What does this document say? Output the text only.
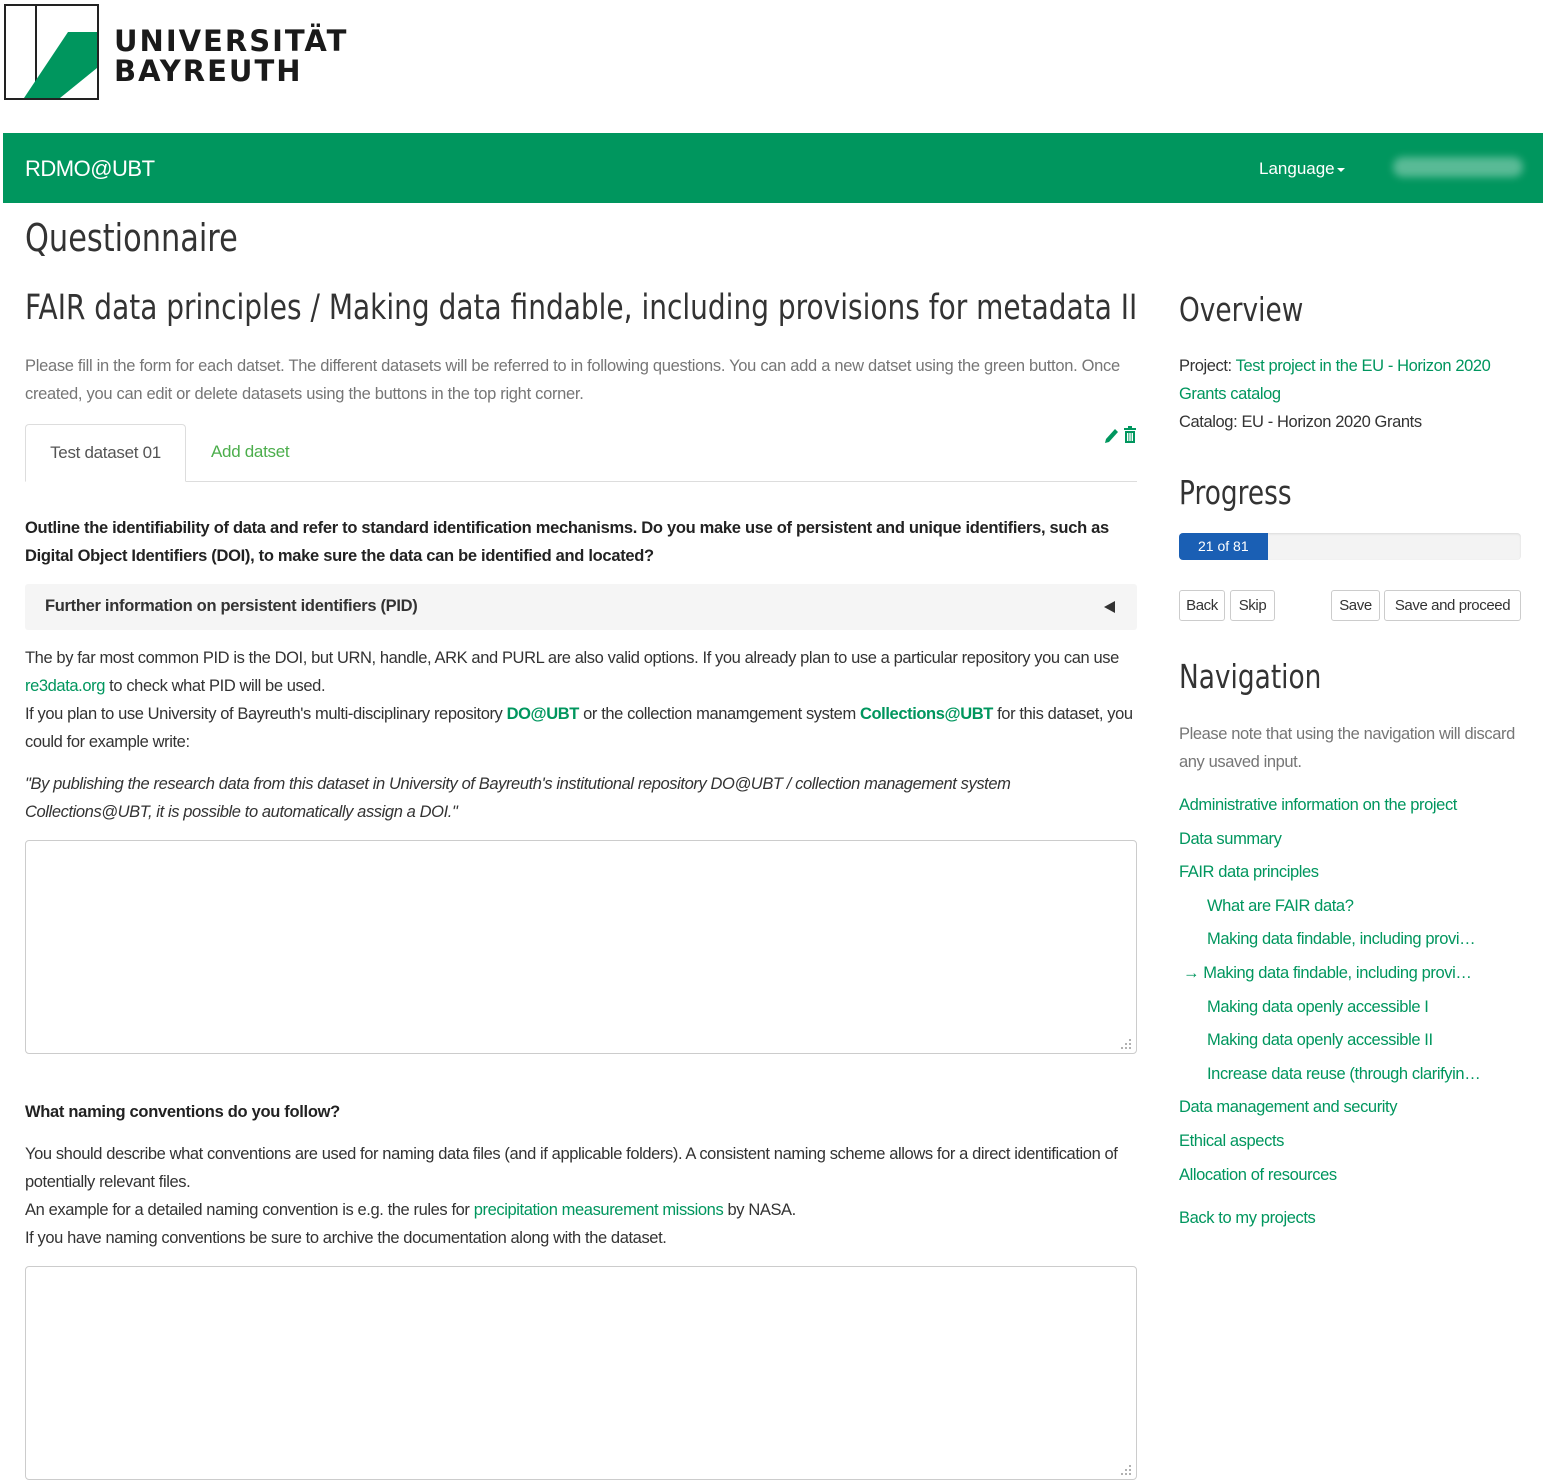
UNIVERSITÄT
BAYREUTH
RDMO@UBT	Language
Questionnaire
FAIR data principles / Making data findable, including provisions for metadata II

Please fill in the form for each datset. The different datasets will be referred to in following questions. You can add a new datset using the green button. Once created, you can edit or delete datasets using the buttons in the top right corner.

Test dataset 01	Add datset

Outline the identifiability of data and refer to standard identification mechanisms. Do you make use of persistent and unique identifiers, such as Digital Object Identifiers (DOI), to make sure the data can be identified and located?

Further information on persistent identifiers (PID)

The by far most common PID is the DOI, but URN, handle, ARK and PURL are also valid options. If you already plan to use a particular repository you can use re3data.org to check what PID will be used.
If you plan to use University of Bayreuth's multi-disciplinary repository DO@UBT or the collection manamgement system Collections@UBT for this dataset, you could for example write:

"By publishing the research data from this dataset in University of Bayreuth's institutional repository DO@UBT / collection management system Collections@UBT, it is possible to automatically assign a DOI."

What naming conventions do you follow?

You should describe what conventions are used for naming data files (and if applicable folders). A consistent naming scheme allows for a direct identification of potentially relevant files.
An example for a detailed naming convention is e.g. the rules for precipitation measurement missions by NASA.
If you have naming conventions be sure to archive the documentation along with the dataset.

Overview
Project: Test project in the EU - Horizon 2020 Grants catalog
Catalog: EU - Horizon 2020 Grants
Progress
21 of 81
Back	Skip	Save	Save and proceed
Navigation
Please note that using the navigation will discard any usaved input.
Administrative information on the project
Data summary
FAIR data principles
What are FAIR data?
Making data findable, including provi…
→ Making data findable, including provi…
Making data openly accessible I
Making data openly accessible II
Increase data reuse (through clarifyin…
Data management and security
Ethical aspects
Allocation of resources
Back to my projects
